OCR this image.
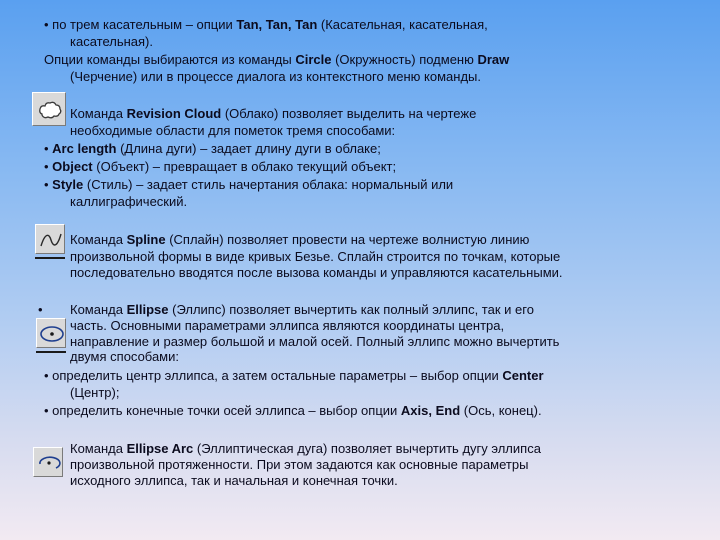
• по трем касательным – опции Tan, Tan, Tan (Касательная, касательная,
касательная).
Опции команды выбираются из команды Circle (Окружность) подменю Draw
(Черчение) или в процессе диалога из контекстного меню команды.
Команда Revision Cloud (Облако) позволяет выделить на чертеже
необходимые области для пометок тремя способами:
• Arc length (Длина дуги) – задает длину дуги в облаке;
• Object (Объект) – превращает в облако текущий объект;
• Style (Стиль) – задает стиль начертания облака: нормальный или
каллиграфический.
Команда Spline (Сплайн) позволяет провести на чертеже волнистую линию
произвольной формы в виде кривых Безье. Сплайн строится по точкам, которые
последовательно вводятся после вызова команды и управляются касательными.
• Команда Ellipse (Эллипс) позволяет вычертить как полный эллипс, так и его
часть. Основными параметрами эллипса являются координаты центра,
направление и размер большой и малой осей. Полный эллипс можно вычертить
двумя способами:
• определить центр эллипса, а затем остальные параметры – выбор опции Center
(Центр);
• определить конечные точки осей эллипса – выбор опции Axis, End (Ось, конец).
Команда Ellipse Arc (Эллиптическая дуга) позволяет вычертить дугу эллипса
произвольной протяженности. При этом задаются как основные параметры
исходного эллипса, так и начальная и конечная точки.
